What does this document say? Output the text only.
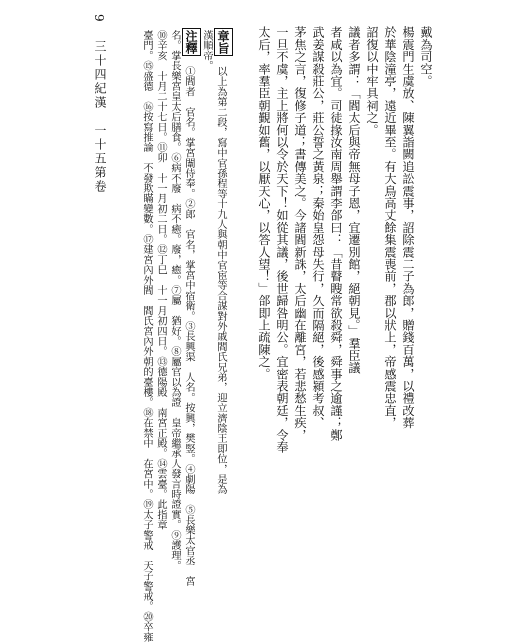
9
三十四紀漢　一十五第卷	戴為司空。
楊震門生虞放、陳翼詣闕追訟震事，詔除震二子為郎，贈錢百萬，以禮改葬
於華陰潼亭，遠近畢至。有大鳥高丈餘集震喪前，郡以狀上，帝感震忠直，
詔復以中牢具祠之。
議者多謂：「閻太后與帝無母子恩，宜遷別館，絕朝見。」羣臣議
者咸以為宜。司徒掾汝南周舉謂李郃曰：「昔瞽瞍常欲殺舜，舜事之逾謹；鄭
武姜謀殺莊公，莊公誓之黃泉；秦始皇怨母失行，久而隔絕，後感潁考叔、
茅焦之言，復修子道；書傳美之。今諸閻新誅，太后幽在離宮，若悲愁生疾，
一旦不虞，主上將何以令於天下！如從其議，後世歸咎明公。宜密表朝廷，令奉
太后，率羣臣朝覲如舊，以厭天心，以答人望！」郃即上疏陳之。
章旨
以上為第二段，寫中官孫程等十九人與朝中官宦等合謀對外戚閻氏兄弟，迎立濟陰王即位，是為
漢順帝。
注釋
①閻者　官名。掌宮闈侍奉。②郎　官名，掌宮中宿衛。③長興渠　人名。按興，樊竪。④劇陽　⑤長樂太官丞　宮
名。掌長樂宮皇太后膳食。⑥病不廢　病不癒。廢，癒。⑦屬　猶好。⑧屬官以為證　皇帝繼承人發言時證實。⑨護理。
⑩辛亥　十月二十七日。⑪卯　十一月初二日。⑫丁巳　十一月初四日。⑬德陽殿　南宮正殿。⑭雲臺。此指章
臺門。⑮盛德　⑯按寫推論　不發欺瞞變數。⑰建宮內外閻　閻氏宮內外朝的臺樓。⑱在禁中　在宮中。⑲太子警戒　天子警戒。⑳卒雍
